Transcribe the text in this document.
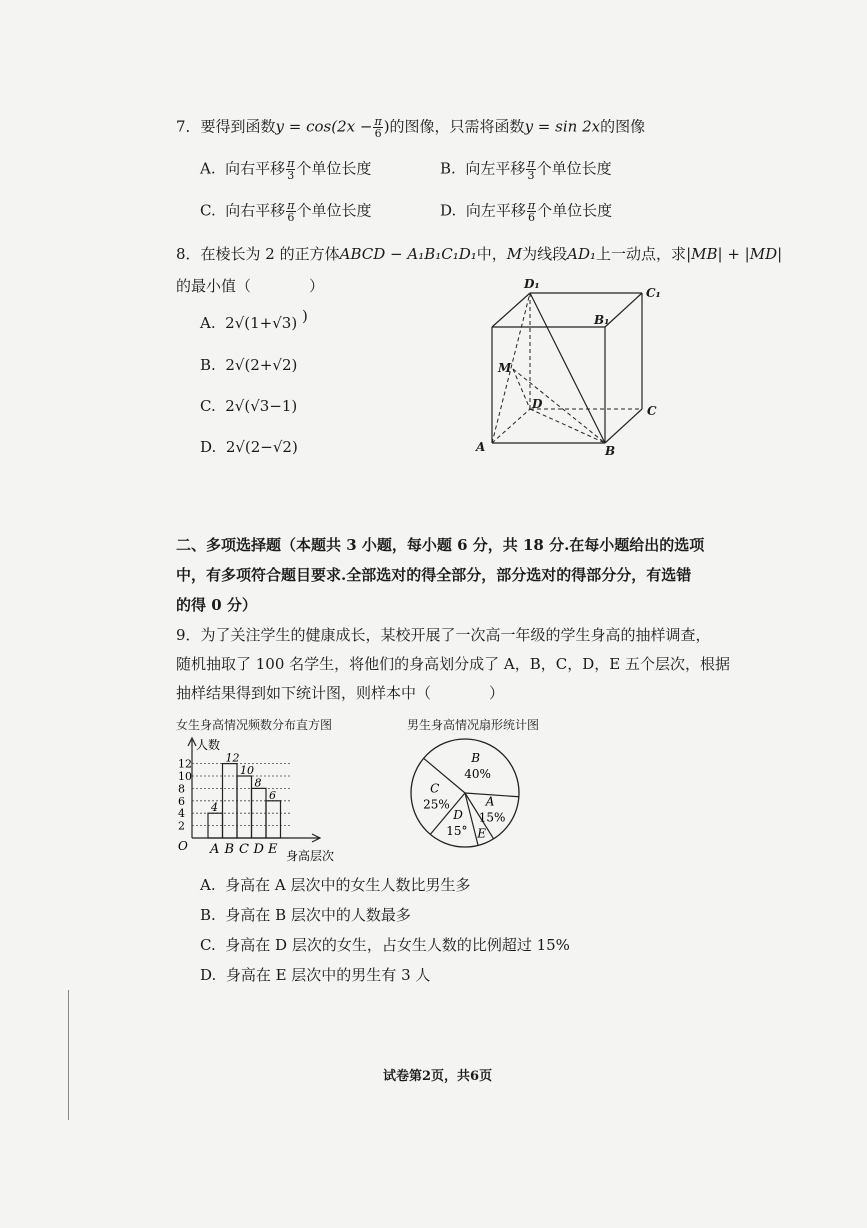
7．要得到函数$y = \cos(2x - \frac{\pi}{6}$ )的图像，只需将函数y = sin 2x的图像
A. 向右平移 $\frac{\pi}{3}$ 个单位长度	B. 向左平移 $\frac{\pi}{3}$ 个单位长度
C. 向右平移 $\frac{\pi}{6}$ 个单位长度	D. 向左平移 $\frac{\pi}{6}$ 个单位长度
8．在棱长为 2 的正方体ABCD − A₁B₁C₁D₁中，M为线段AD₁上一动点，求|MB| + |MD|
的最小值（	）
)
A. 2√(1+√3)
B. 2√(2+√2)
C. 2√(√3−1)
D. 2√(2−√2)
D₁
C₁
B₁
M
D	C
A	B
二、多项选择题（本题共 3 小题，每小题 6 分，共 18 分.在每小题给出的选项
中，有多项符合题目要求.全部选对的得全部分，部分选对的得部分分，有选错
的得 0 分）
9．为了关注学生的健康成长，某校开展了一次高一年级的学生身高的抽样调查，
随机抽取了 100 名学生，将他们的身高划分成了 A，B，C，D，E 五个层次，根据
抽样结果得到如下统计图，则样本中（	）
女生身高情况频数分布直方图
2
4
6
8
10
12
4
A
12
B
10
C
8
D
6
E
人数
身高层次
O
男生身高情况扇形统计图
B
40%
A
15%
E
D
15°
C
25%
A. 身高在 A 层次中的女生人数比男生多
B. 身高在 B 层次中的人数最多
C. 身高在 D 层次的女生，占女生人数的比例超过 15%
D. 身高在 E 层次中的男生有 3 人
试卷第2页，共6页
